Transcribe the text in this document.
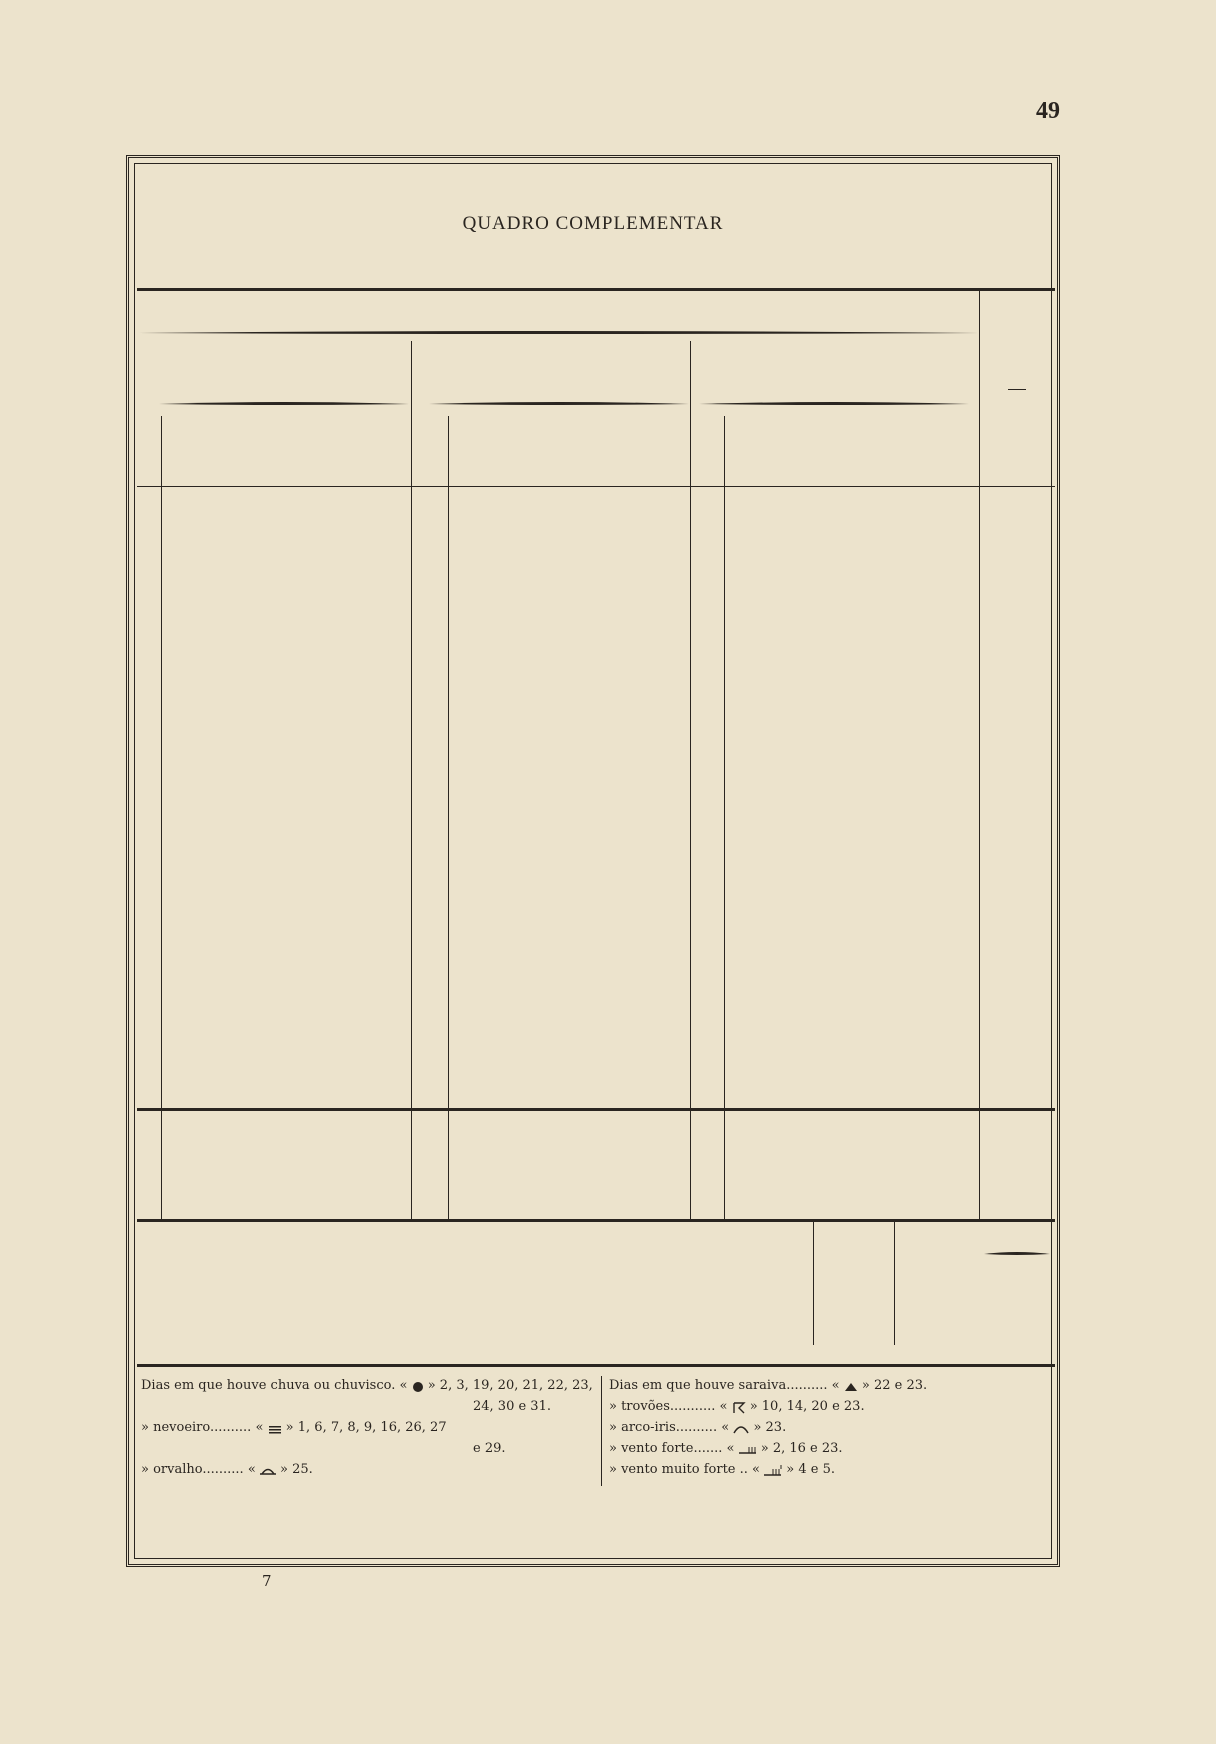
49
QUADRO COMPLEMENTAR
Dias em que houve chuva ou chuvisco. «  » 2, 3, 19, 20, 21, 22, 23,
24, 30 e 31.
» nevoeiro.......... «  » 1, 6, 7, 8, 9, 16, 26, 27
e 29.
» orvalho.......... «  » 25.
Dias em que houve saraiva.......... «  » 22 e 23.
» trovões........... «  » 10, 14, 20 e 23.
» arco-iris.......... «  » 23.
» vento forte....... «  » 2, 16 e 23.
» vento muito forte .. «  » 4 e 5.
7
